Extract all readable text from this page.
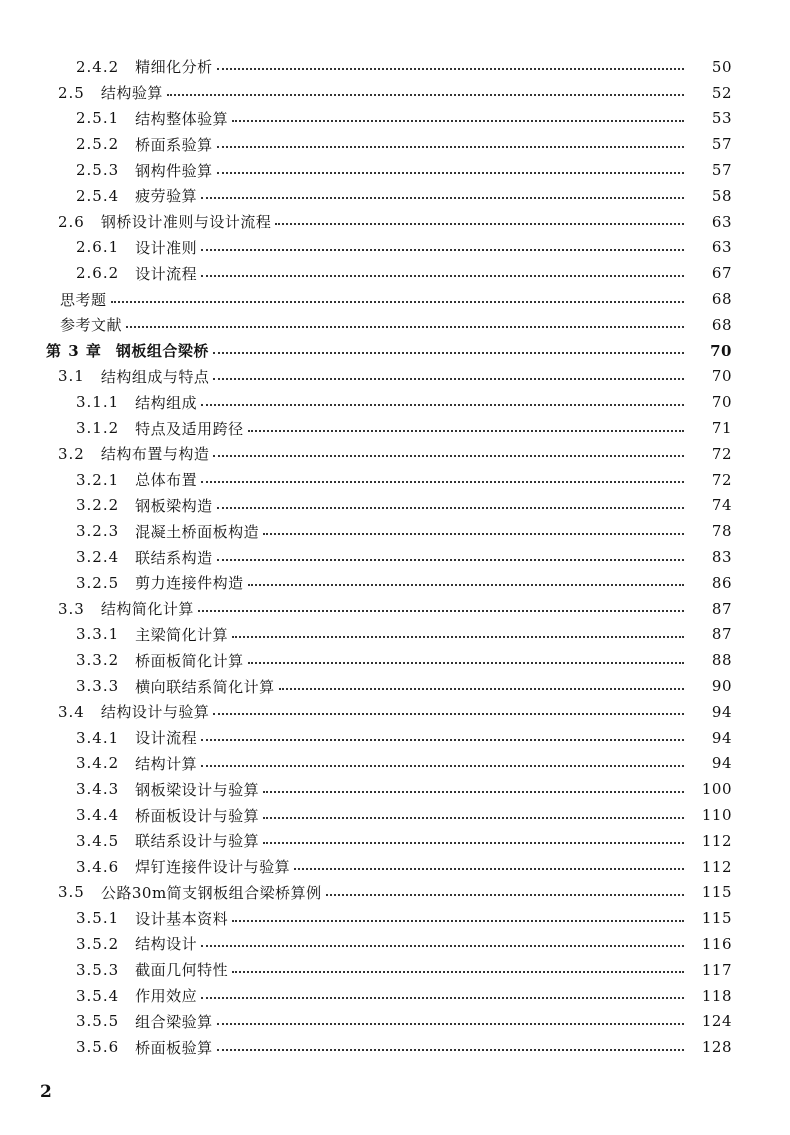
2.4.2 精细化分析	50
2.5 结构验算	52
2.5.1 结构整体验算	53
2.5.2 桥面系验算	57
2.5.3 钢构件验算	57
2.5.4 疲劳验算	58
2.6 钢桥设计准则与设计流程	63
2.6.1 设计准则	63
2.6.2 设计流程	67
思考题	68
参考文献	68
第 3 章 钢板组合梁桥	70
3.1 结构组成与特点	70
3.1.1 结构组成	70
3.1.2 特点及适用跨径	71
3.2 结构布置与构造	72
3.2.1 总体布置	72
3.2.2 钢板梁构造	74
3.2.3 混凝土桥面板构造	78
3.2.4 联结系构造	83
3.2.5 剪力连接件构造	86
3.3 结构简化计算	87
3.3.1 主梁简化计算	87
3.3.2 桥面板简化计算	88
3.3.3 横向联结系简化计算	90
3.4 结构设计与验算	94
3.4.1 设计流程	94
3.4.2 结构计算	94
3.4.3 钢板梁设计与验算	100
3.4.4 桥面板设计与验算	110
3.4.5 联结系设计与验算	112
3.4.6 焊钉连接件设计与验算	112
3.5 公路30m简支钢板组合梁桥算例	115
3.5.1 设计基本资料	115
3.5.2 结构设计	116
3.5.3 截面几何特性	117
3.5.4 作用效应	118
3.5.5 组合梁验算	124
3.5.6 桥面板验算	128
2
